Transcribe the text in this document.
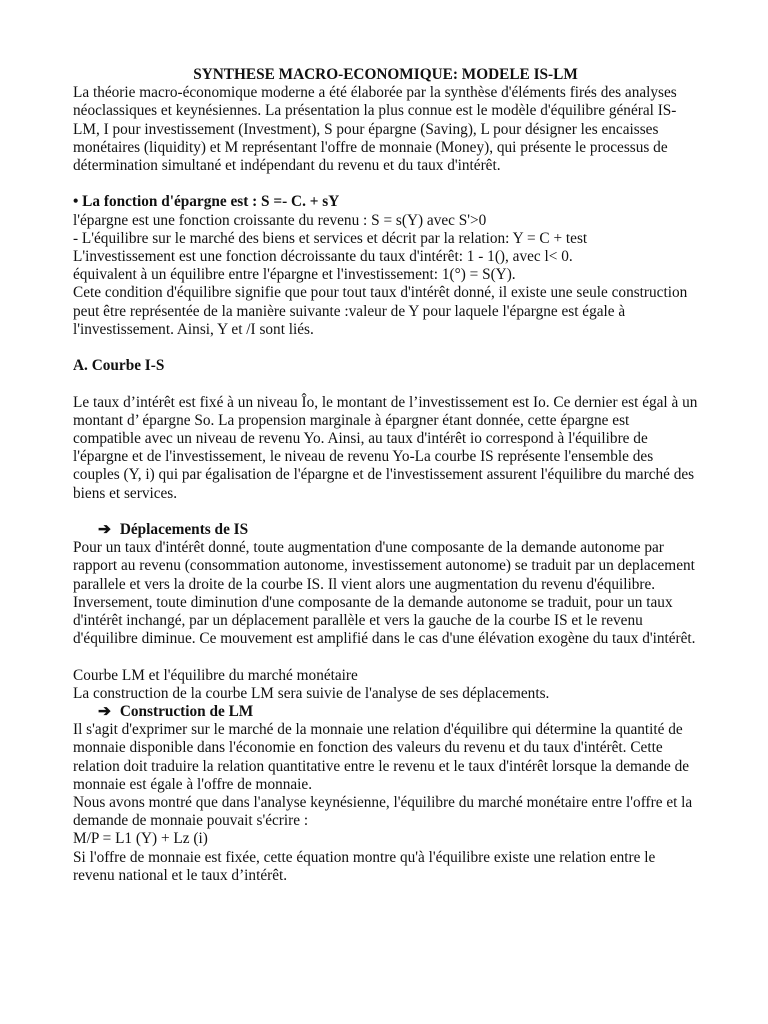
SYNTHESE MACRO-ECONOMIQUE: MODELE IS-LM

La théorie macro-économique moderne a été élaborée par la synthèse d'éléments firés des analyses néoclassiques et keynésiennes. La présentation la plus connue est le modèle d'équilibre général IS-LM, I pour investissement (Investment), S pour épargne (Saving), L pour désigner les encaisses monétaires (liquidity) et M représentant l'offre de monnaie (Money), qui présente le processus de détermination simultané et indépendant du revenu et du taux d'intérêt.

• La fonction d'épargne est : S =- C. + sY

l'épargne est une fonction croissante du revenu : S = s(Y) avec S'>0

- L'équilibre sur le marché des biens et services et décrit par la relation: Y = C + test

L'investissement est une fonction décroissante du taux d'intérêt: 1 - 1(), avec l< 0.

équivalent à un équilibre entre l'épargne et l'investissement: 1(°) = S(Y).

Cete condition d'équilibre signifie que pour tout taux d'intérêt donné, il existe une seule construction peut être représentée de la manière suivante :valeur de Y pour laquele l'épargne est égale à l'investissement. Ainsi, Y et /I sont liés.

A. Courbe I-S

Le taux d’intérêt est fixé à un niveau Îo, le montant de l’investissement est Io. Ce dernier est égal à un montant d’ épargne So. La propension marginale à épargner étant donnée, cette épargne est compatible avec un niveau de revenu Yo. Ainsi, au taux d'intérêt io correspond à l'équilibre de l'épargne et de l'investissement, le niveau de revenu Yo-La courbe IS représente l'ensemble des couples (Y, i) qui par égalisation de l'épargne et de l'investissement assurent l'équilibre du marché des biens et services.

➔ Déplacements de IS

Pour un taux d'intérêt donné, toute augmentation d'une composante de la demande autonome par rapport au revenu (consommation autonome, investissement autonome) se traduit par un deplacement parallele et vers la droite de la courbe IS. Il vient alors une augmentation du revenu d'équilibre. Inversement, toute diminution d'une composante de la demande autonome se traduit, pour un taux d'intérêt inchangé, par un déplacement parallèle et vers la gauche de la courbe IS et le revenu d'équilibre diminue. Ce mouvement est amplifié dans le cas d'une élévation exogène du taux d'intérêt.

Courbe LM et l'équilibre du marché monétaire

La construction de la courbe LM sera suivie de l'analyse de ses déplacements.

➔ Construction de LM

Il s'agit d'exprimer sur le marché de la monnaie une relation d'équilibre qui détermine la quantité de monnaie disponible dans l'économie en fonction des valeurs du revenu et du taux d'intérêt. Cette relation doit traduire la relation quantitative entre le revenu et le taux d'intérêt lorsque la demande de monnaie est égale à l'offre de monnaie.

Nous avons montré que dans l'analyse keynésienne, l'équilibre du marché monétaire entre l'offre et la demande de monnaie pouvait s'écrire :

M/P = L1 (Y) + Lz (i)

Si l'offre de monnaie est fixée, cette équation montre qu'à l'équilibre existe une relation entre le revenu national et le taux d’intérêt.
